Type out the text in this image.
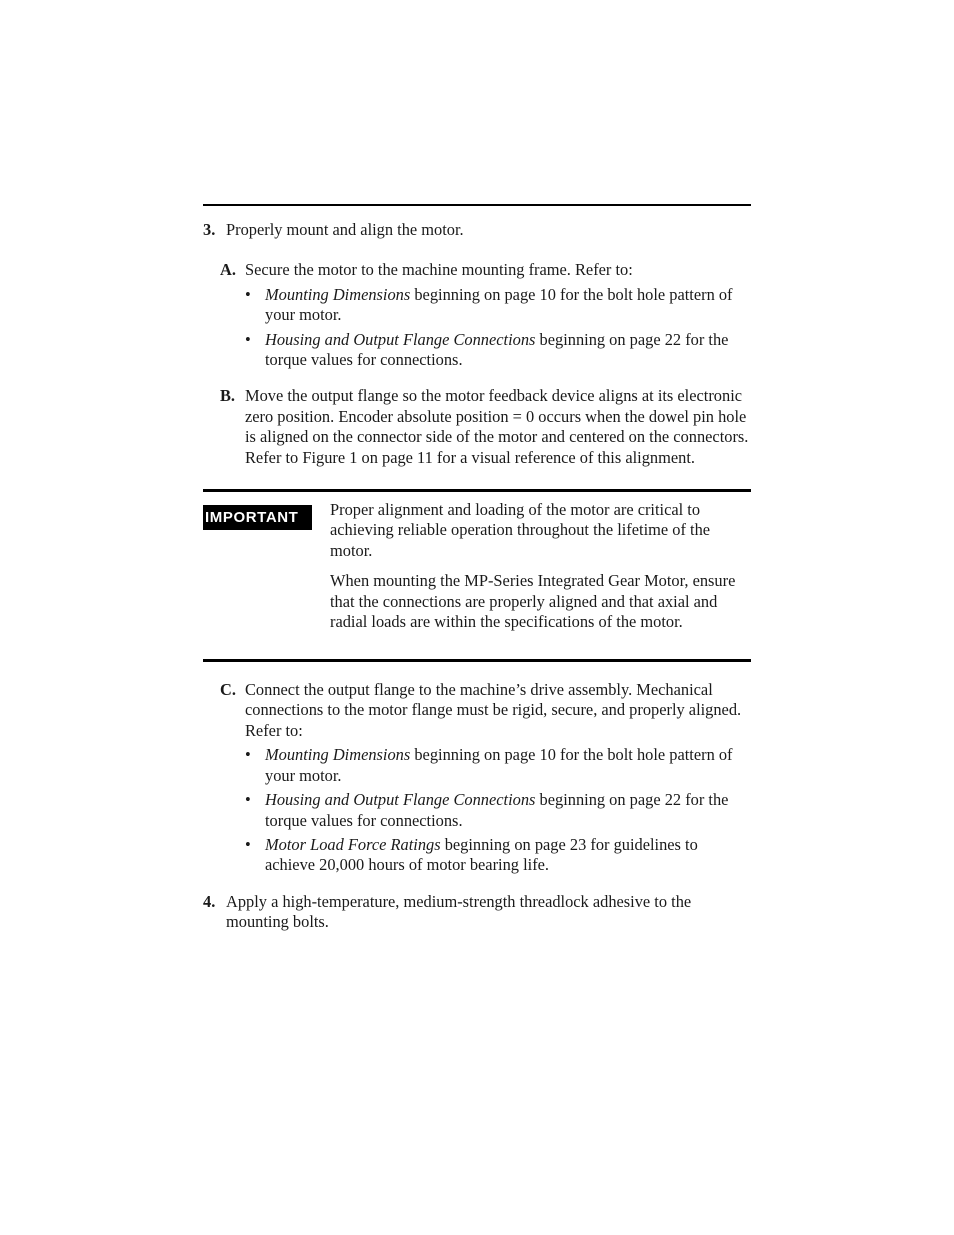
3. Properly mount and align the motor.
A. Secure the motor to the machine mounting frame. Refer to:
• Mounting Dimensions beginning on page 10 for the bolt hole pattern of your motor.
• Housing and Output Flange Connections beginning on page 22 for the torque values for connections.
B. Move the output flange so the motor feedback device aligns at its electronic zero position. Encoder absolute position = 0 occurs when the dowel pin hole is aligned on the connector side of the motor and centered on the connectors. Refer to Figure 1 on page 11 for a visual reference of this alignment.
IMPORTANT	Proper alignment and loading of the motor are critical to achieving reliable operation throughout the lifetime of the motor.

When mounting the MP-Series Integrated Gear Motor, ensure that the connections are properly aligned and that axial and radial loads are within the specifications of the motor.

C. Connect the output flange to the machine’s drive assembly. Mechanical connections to the motor flange must be rigid, secure, and properly aligned. Refer to:
• Mounting Dimensions beginning on page 10 for the bolt hole pattern of your motor.
• Housing and Output Flange Connections beginning on page 22 for the torque values for connections.
• Motor Load Force Ratings beginning on page 23 for guidelines to achieve 20,000 hours of motor bearing life.
4. Apply a high-temperature, medium-strength threadlock adhesive to the mounting bolts.
